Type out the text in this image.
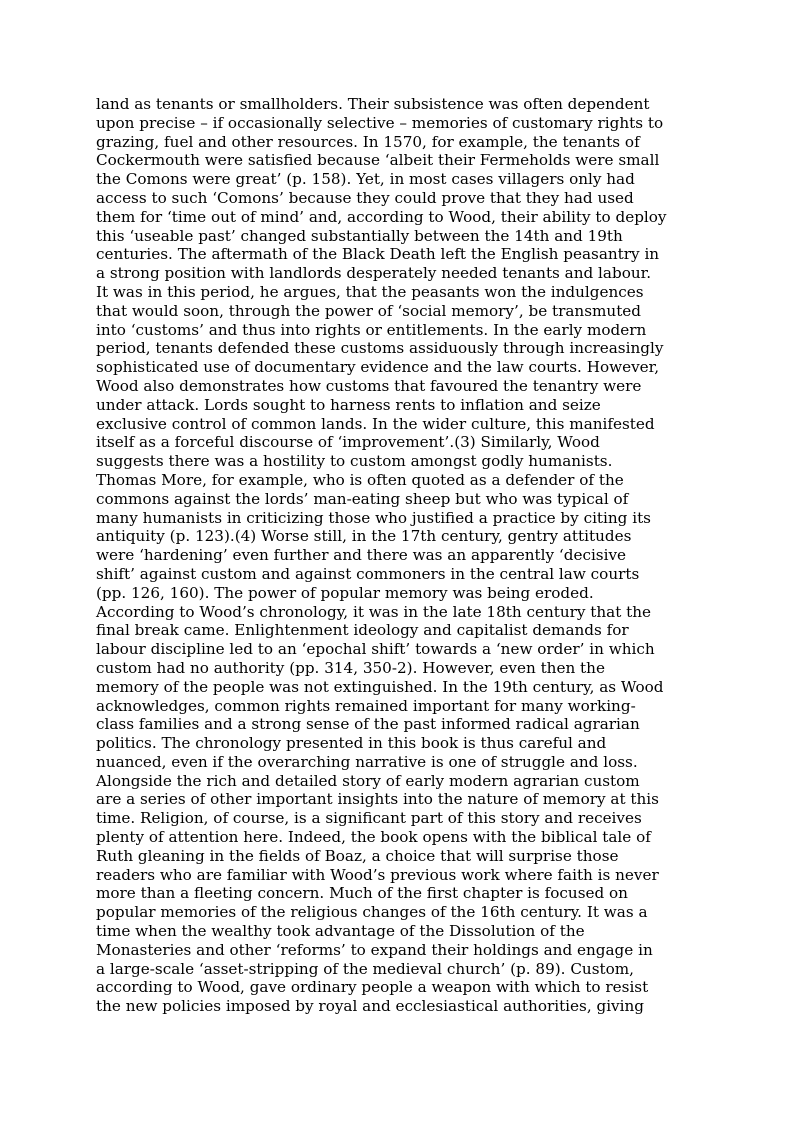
land as tenants or smallholders. Their subsistence was often dependent
upon precise – if occasionally selective – memories of customary rights to
grazing, fuel and other resources. In 1570, for example, the tenants of
Cockermouth were satisfied because ‘albeit their Fermeholds were small
the Comons were great’ (p. 158). Yet, in most cases villagers only had
access to such ‘Comons’ because they could prove that they had used
them for ‘time out of mind’ and, according to Wood, their ability to deploy
this ‘useable past’ changed substantially between the 14th and 19th
centuries. The aftermath of the Black Death left the English peasantry in
a strong position with landlords desperately needed tenants and labour.
It was in this period, he argues, that the peasants won the indulgences
that would soon, through the power of ‘social memory’, be transmuted
into ‘customs’ and thus into rights or entitlements. In the early modern
period, tenants defended these customs assiduously through increasingly
sophisticated use of documentary evidence and the law courts. However,
Wood also demonstrates how customs that favoured the tenantry were
under attack. Lords sought to harness rents to inflation and seize
exclusive control of common lands. In the wider culture, this manifested
itself as a forceful discourse of ‘improvement’.(3) Similarly, Wood
suggests there was a hostility to custom amongst godly humanists.
Thomas More, for example, who is often quoted as a defender of the
commons against the lords’ man-eating sheep but who was typical of
many humanists in criticizing those who justified a practice by citing its
antiquity (p. 123).(4) Worse still, in the 17th century, gentry attitudes
were ‘hardening’ even further and there was an apparently ‘decisive
shift’ against custom and against commoners in the central law courts
(pp. 126, 160). The power of popular memory was being eroded.
According to Wood’s chronology, it was in the late 18th century that the
final break came. Enlightenment ideology and capitalist demands for
labour discipline led to an ‘epochal shift’ towards a ‘new order’ in which
custom had no authority (pp. 314, 350-2). However, even then the
memory of the people was not extinguished. In the 19th century, as Wood
acknowledges, common rights remained important for many working-
class families and a strong sense of the past informed radical agrarian
politics. The chronology presented in this book is thus careful and
nuanced, even if the overarching narrative is one of struggle and loss.
Alongside the rich and detailed story of early modern agrarian custom
are a series of other important insights into the nature of memory at this
time. Religion, of course, is a significant part of this story and receives
plenty of attention here. Indeed, the book opens with the biblical tale of
Ruth gleaning in the fields of Boaz, a choice that will surprise those
readers who are familiar with Wood’s previous work where faith is never
more than a fleeting concern. Much of the first chapter is focused on
popular memories of the religious changes of the 16th century. It was a
time when the wealthy took advantage of the Dissolution of the
Monasteries and other ‘reforms’ to expand their holdings and engage in
a large-scale ‘asset-stripping of the medieval church’ (p. 89). Custom,
according to Wood, gave ordinary people a weapon with which to resist
the new policies imposed by royal and ecclesiastical authorities, giving
